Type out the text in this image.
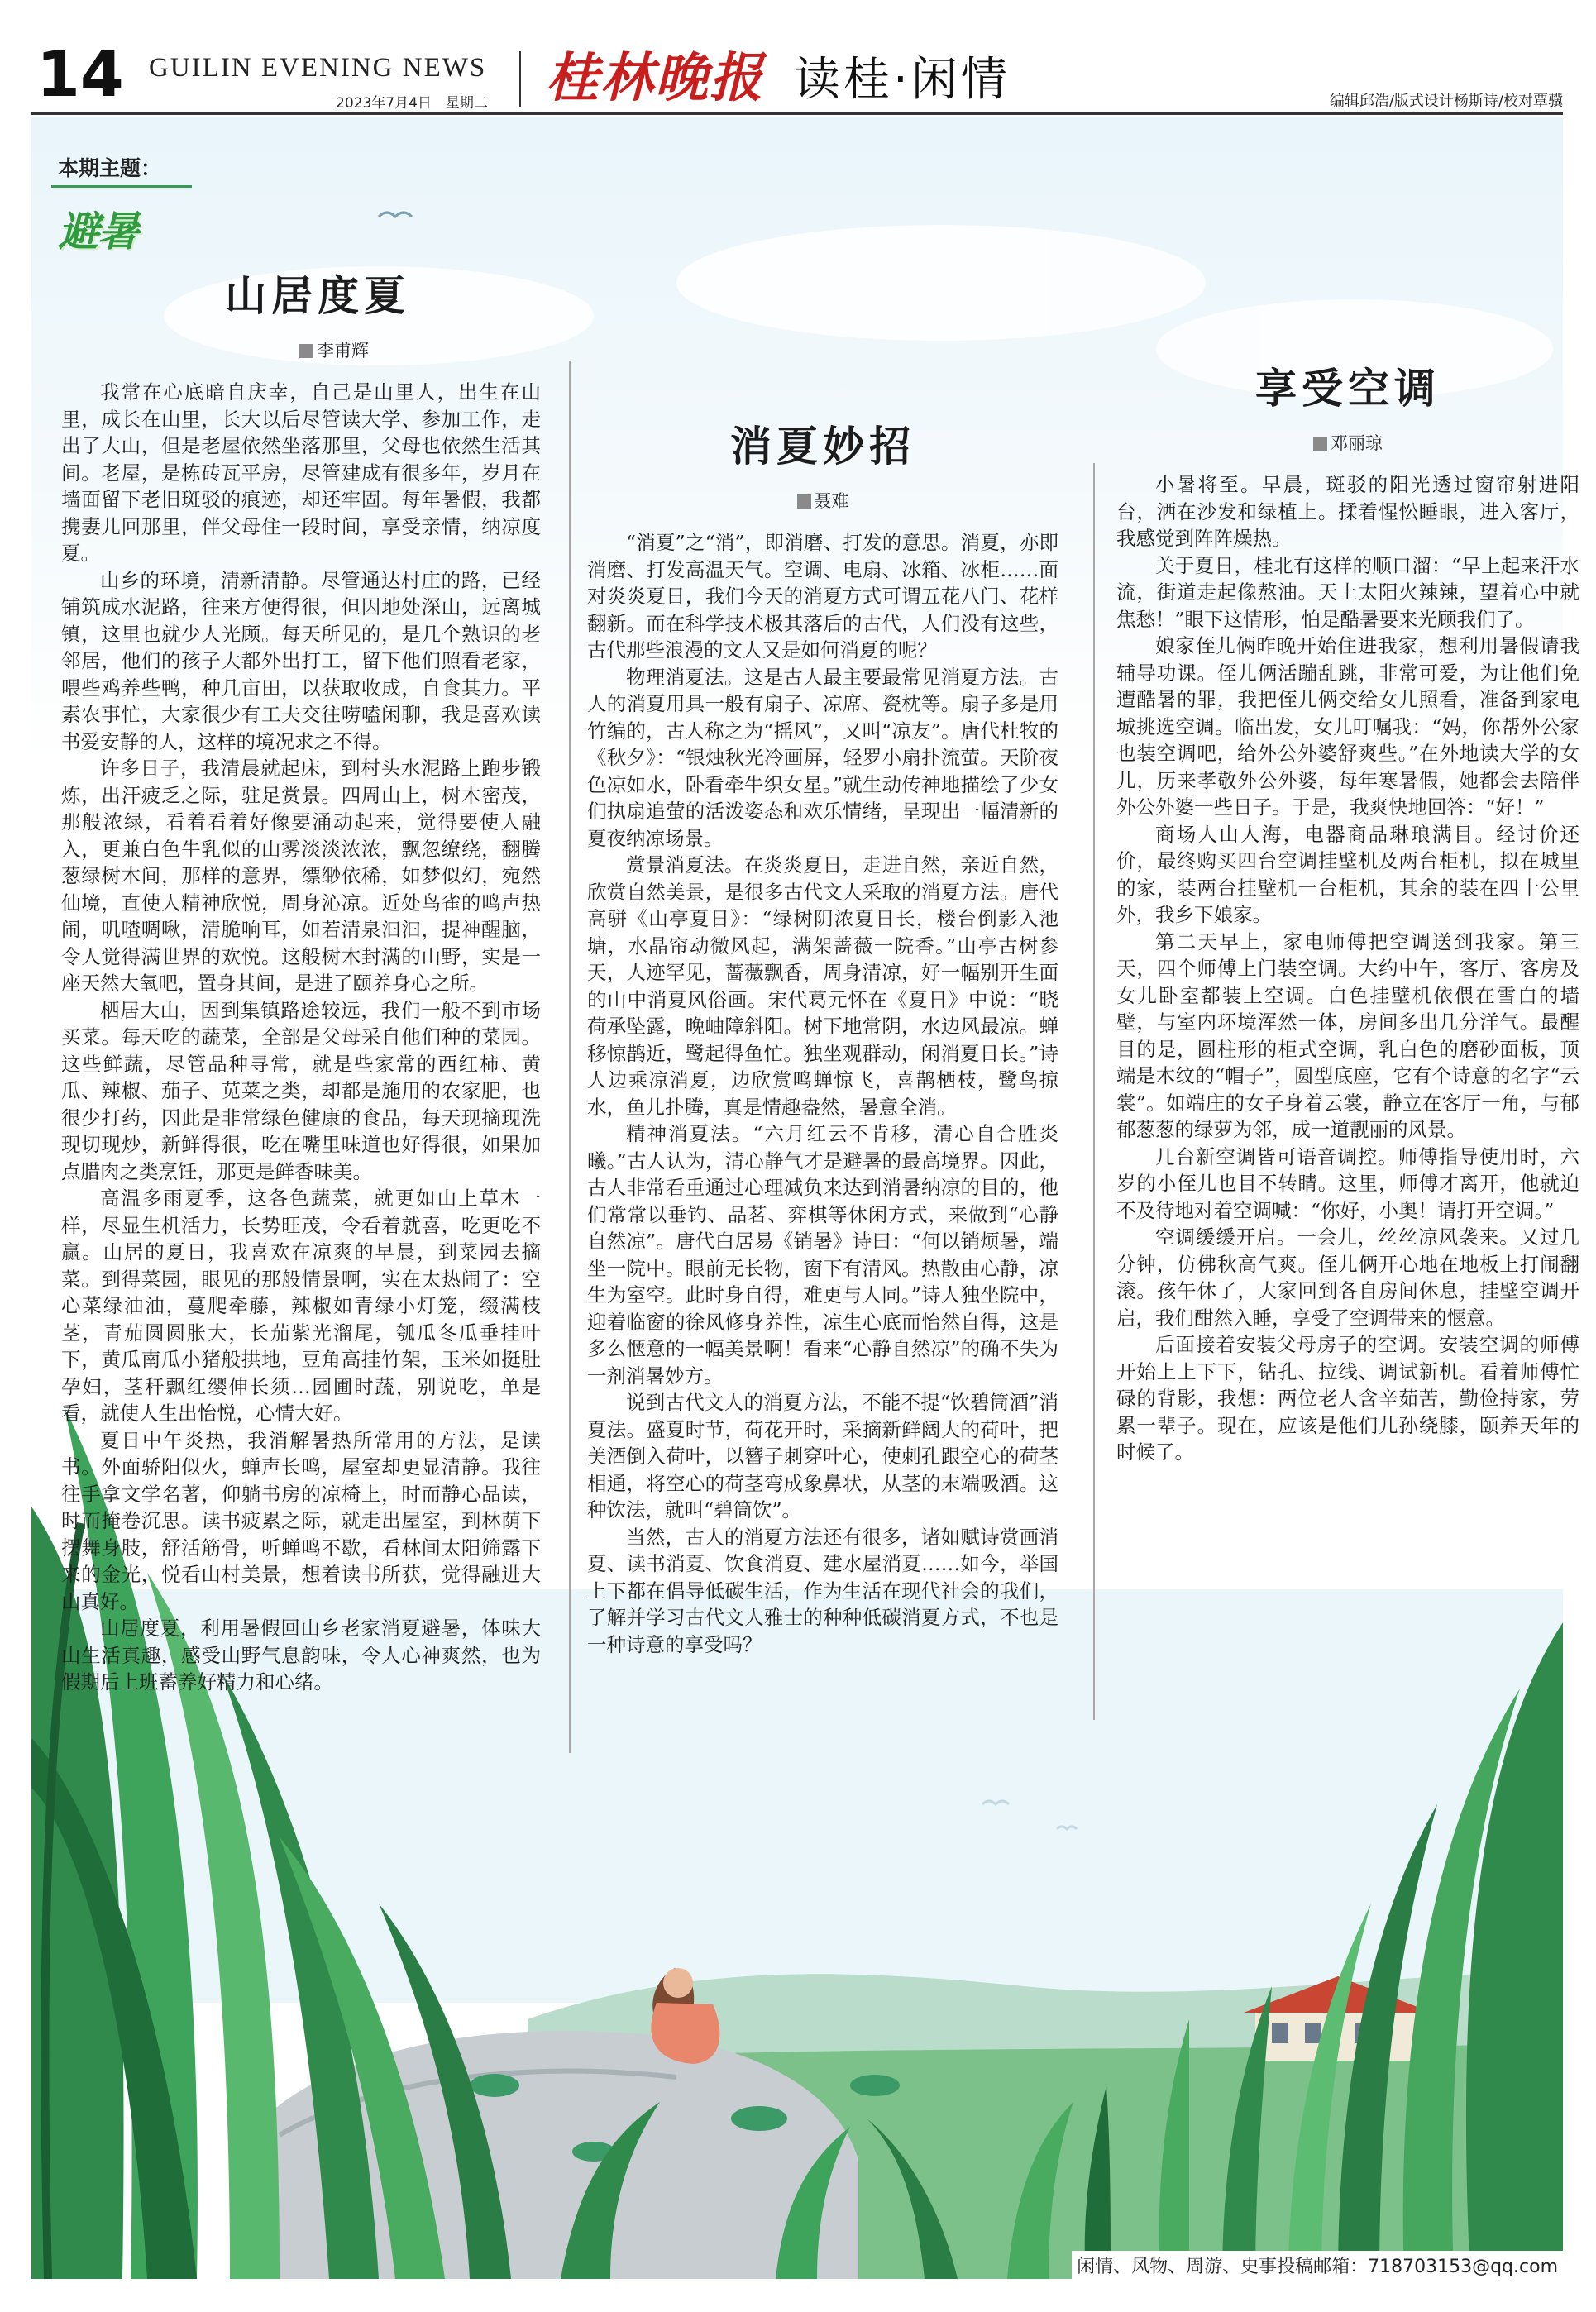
14 GUILIN EVENING NEWS
2023年7月4日　星期二 桂林晚报 读桂·闲情	编辑邱浩/版式设计杨斯诗/校对覃骥
本期主题：
避暑
山居度夏
李甫辉

我常在心底暗自庆幸，自己是山里人，出生在山里，成长在山里，长大以后尽管读大学、参加工作，走出了大山，但是老屋依然坐落那里，父母也依然生活其间。老屋，是栋砖瓦平房，尽管建成有很多年，岁月在墙面留下老旧斑驳的痕迹，却还牢固。每年暑假，我都携妻儿回那里，伴父母住一段时间，享受亲情，纳凉度夏。

山乡的环境，清新清静。尽管通达村庄的路，已经铺筑成水泥路，往来方便得很，但因地处深山，远离城镇，这里也就少人光顾。每天所见的，是几个熟识的老邻居，他们的孩子大都外出打工，留下他们照看老家，喂些鸡养些鸭，种几亩田，以获取收成，自食其力。平素农事忙，大家很少有工夫交往唠嗑闲聊，我是喜欢读书爱安静的人，这样的境况求之不得。

许多日子，我清晨就起床，到村头水泥路上跑步锻炼，出汗疲乏之际，驻足赏景。四周山上，树木密茂，那般浓绿，看着看着好像要涌动起来，觉得要使人融入，更兼白色牛乳似的山雾淡淡浓浓，飘忽缭绕，翻腾葱绿树木间，那样的意界，缥缈依稀，如梦似幻，宛然仙境，直使人精神欣悦，周身沁凉。近处鸟雀的鸣声热闹，叽喳啁啾，清脆响耳，如若清泉汩汩，提神醒脑，令人觉得满世界的欢悦。这般树木封满的山野，实是一座天然大氧吧，置身其间，是进了颐养身心之所。

栖居大山，因到集镇路途较远，我们一般不到市场买菜。每天吃的蔬菜，全部是父母采自他们种的菜园。这些鲜蔬，尽管品种寻常，就是些家常的西红柿、黄瓜、辣椒、茄子、苋菜之类，却都是施用的农家肥，也很少打药，因此是非常绿色健康的食品，每天现摘现洗现切现炒，新鲜得很，吃在嘴里味道也好得很，如果加点腊肉之类烹饪，那更是鲜香味美。

高温多雨夏季，这各色蔬菜，就更如山上草木一样，尽显生机活力，长势旺茂，令看着就喜，吃更吃不赢。山居的夏日，我喜欢在凉爽的早晨，到菜园去摘菜。到得菜园，眼见的那般情景啊，实在太热闹了：空心菜绿油油，蔓爬牵藤，辣椒如青绿小灯笼，缀满枝茎，青茄圆圆胀大，长茄紫光溜尾，瓠瓜冬瓜垂挂叶下，黄瓜南瓜小猪般拱地，豆角高挂竹架，玉米如挺肚孕妇，茎秆飘红缨伸长须…园圃时蔬，别说吃，单是看，就使人生出怡悦，心情大好。

夏日中午炎热，我消解暑热所常用的方法，是读书。外面骄阳似火，蝉声长鸣，屋室却更显清静。我往往手拿文学名著，仰躺书房的凉椅上，时而静心品读，时而掩卷沉思。读书疲累之际，就走出屋室，到林荫下摆舞身肢，舒活筋骨，听蝉鸣不歇，看林间太阳筛露下来的金光，悦看山村美景，想着读书所获，觉得融进大山真好。

山居度夏，利用暑假回山乡老家消夏避暑，体味大山生活真趣，感受山野气息韵味，令人心神爽然，也为假期后上班蓄养好精力和心绪。

消夏妙招
聂难

“消夏”之“消”，即消磨、打发的意思。消夏，亦即消磨、打发高温天气。空调、电扇、冰箱、冰柜……面对炎炎夏日，我们今天的消夏方式可谓五花八门、花样翻新。而在科学技术极其落后的古代，人们没有这些，古代那些浪漫的文人又是如何消夏的呢？

物理消夏法。这是古人最主要最常见消夏方法。古人的消夏用具一般有扇子、凉席、瓷枕等。扇子多是用竹编的，古人称之为“摇风”，又叫“凉友”。唐代杜牧的《秋夕》：“银烛秋光冷画屏，轻罗小扇扑流萤。天阶夜色凉如水，卧看牵牛织女星。”就生动传神地描绘了少女们执扇追萤的活泼姿态和欢乐情绪，呈现出一幅清新的夏夜纳凉场景。

赏景消夏法。在炎炎夏日，走进自然，亲近自然，欣赏自然美景，是很多古代文人采取的消夏方法。唐代高骈《山亭夏日》：“绿树阴浓夏日长，楼台倒影入池塘，水晶帘动微风起，满架蔷薇一院香。”山亭古树参天，人迹罕见，蔷薇飘香，周身清凉，好一幅别开生面的山中消夏风俗画。宋代葛元怀在《夏日》中说：“晓荷承坠露，晚岫障斜阳。树下地常阴，水边风最凉。蝉移惊鹊近，鹭起得鱼忙。独坐观群动，闲消夏日长。”诗人边乘凉消夏，边欣赏鸣蝉惊飞，喜鹊栖枝，鹭鸟掠水，鱼儿扑腾，真是情趣盎然，暑意全消。

精神消夏法。“六月红云不肯移，清心自合胜炎曦。”古人认为，清心静气才是避暑的最高境界。因此，古人非常看重通过心理减负来达到消暑纳凉的目的，他们常常以垂钓、品茗、弈棋等休闲方式，来做到“心静自然凉”。唐代白居易《销暑》诗曰：“何以销烦暑，端坐一院中。眼前无长物，窗下有清风。热散由心静，凉生为室空。此时身自得，难更与人同。”诗人独坐院中，迎着临窗的徐风修身养性，凉生心底而怡然自得，这是多么惬意的一幅美景啊！看来“心静自然凉”的确不失为一剂消暑妙方。

说到古代文人的消夏方法，不能不提“饮碧筒酒”消夏法。盛夏时节，荷花开时，采摘新鲜阔大的荷叶，把美酒倒入荷叶，以簪子刺穿叶心，使刺孔跟空心的荷茎相通，将空心的荷茎弯成象鼻状，从茎的末端吸酒。这种饮法，就叫“碧筒饮”。

当然，古人的消夏方法还有很多，诸如赋诗赏画消夏、读书消夏、饮食消夏、建水屋消夏……如今，举国上下都在倡导低碳生活，作为生活在现代社会的我们，了解并学习古代文人雅士的种种低碳消夏方式，不也是一种诗意的享受吗？

享受空调
邓丽琼

小暑将至。早晨，斑驳的阳光透过窗帘射进阳台，洒在沙发和绿植上。揉着惺忪睡眼，进入客厅，我感觉到阵阵燥热。

关于夏日，桂北有这样的顺口溜：“早上起来汗水流，街道走起像熬油。天上太阳火辣辣，望着心中就焦愁！”眼下这情形，怕是酷暑要来光顾我们了。

娘家侄儿俩昨晚开始住进我家，想利用暑假请我辅导功课。侄儿俩活蹦乱跳，非常可爱，为让他们免遭酷暑的罪，我把侄儿俩交给女儿照看，准备到家电城挑选空调。临出发，女儿叮嘱我：“妈，你帮外公家也装空调吧，给外公外婆舒爽些。”在外地读大学的女儿，历来孝敬外公外婆，每年寒暑假，她都会去陪伴外公外婆一些日子。于是，我爽快地回答：“好！”

商场人山人海，电器商品琳琅满目。经讨价还价，最终购买四台空调挂壁机及两台柜机，拟在城里的家，装两台挂壁机一台柜机，其余的装在四十公里外，我乡下娘家。

第二天早上，家电师傅把空调送到我家。第三天，四个师傅上门装空调。大约中午，客厅、客房及女儿卧室都装上空调。白色挂壁机依偎在雪白的墙壁，与室内环境浑然一体，房间多出几分洋气。最醒目的是，圆柱形的柜式空调，乳白色的磨砂面板，顶端是木纹的“帽子”，圆型底座，它有个诗意的名字“云裳”。如端庄的女子身着云裳，静立在客厅一角，与郁郁葱葱的绿萝为邻，成一道靓丽的风景。

几台新空调皆可语音调控。师傅指导使用时，六岁的小侄儿也目不转睛。这里，师傅才离开，他就迫不及待地对着空调喊：“你好，小奥！请打开空调。”

空调缓缓开启。一会儿，丝丝凉风袭来。又过几分钟，仿佛秋高气爽。侄儿俩开心地在地板上打闹翻滚。孩午休了，大家回到各自房间休息，挂壁空调开启，我们酣然入睡，享受了空调带来的惬意。

后面接着安装父母房子的空调。安装空调的师傅开始上上下下，钻孔、拉线、调试新机。看着师傅忙碌的背影，我想：两位老人含辛茹苦，勤俭持家，劳累一辈子。现在，应该是他们儿孙绕膝，颐养天年的时候了。

闲情、风物、周游、史事投稿邮箱：718703153@qq.com
